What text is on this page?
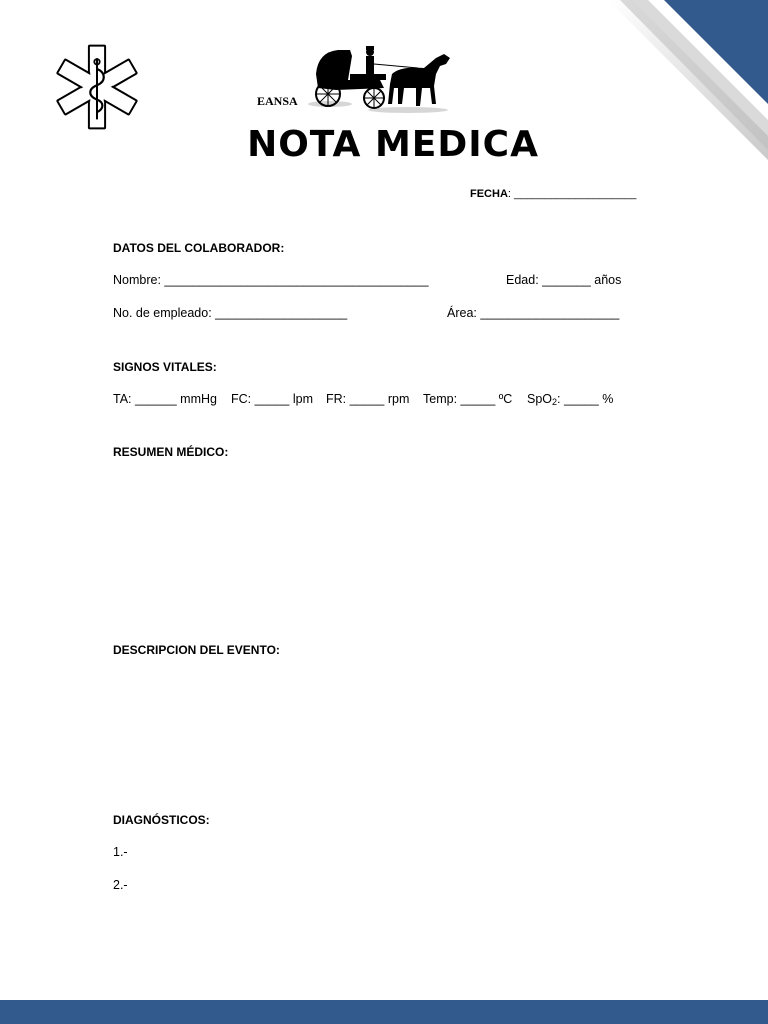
EANSA
NOTA MEDICA
FECHA: ____________________
DATOS DEL COLABORADOR:
Nombre: ______________________________________	Edad: _______ años
No. de empleado: ___________________	Área: ____________________
SIGNOS VITALES:
TA: ______ mmHg FC: _____ lpm FR: _____ rpm Temp: _____ ºC SpO$_2$: _____ %
RESUMEN MÉDICO:
DESCRIPCION DEL EVENTO:
DIAGNÓSTICOS:
1.-
2.-
